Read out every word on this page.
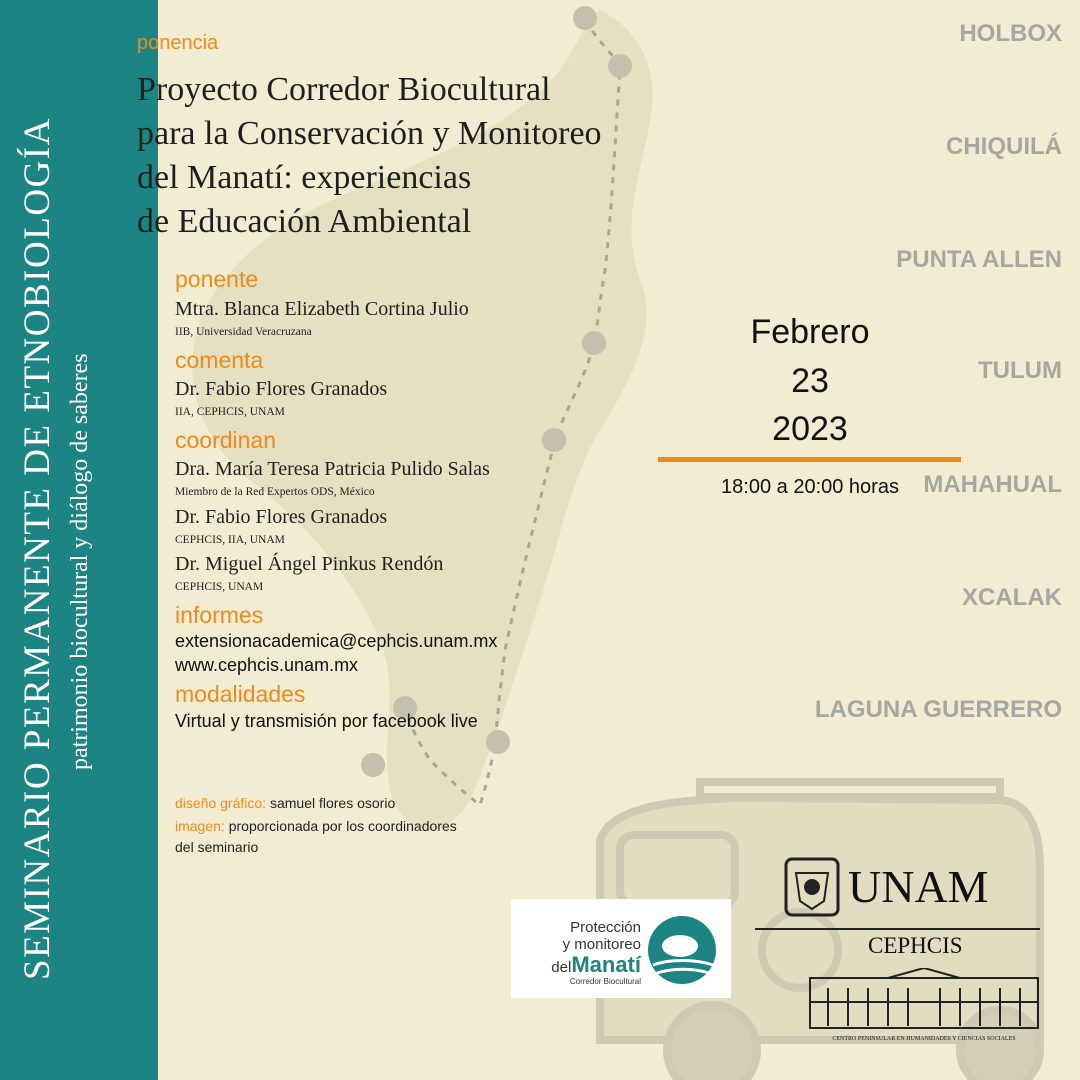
SEMINARIO PERMANENTE DE ETNOBIOLOGÍA patrimonio biocultural y diálogo de saberes
ponencia
Proyecto Corredor Biocultural
para la Conservación y Monitoreo
del Manatí: experiencias
de Educación Ambiental
ponente
Mtra. Blanca Elizabeth Cortina Julio
IIB, Universidad Veracruzana
comenta
Dr. Fabio Flores Granados
IIA, CEPHCIS, UNAM
coordinan
Dra. María Teresa Patricia Pulido Salas
Miembro de la Red Expertos ODS, México
Dr. Fabio Flores Granados
CEPHCIS, IIA, UNAM
Dr. Miguel Ángel Pinkus Rendón
CEPHCIS, UNAM
informes
extensionacademica@cephcis.unam.mx
www.cephcis.unam.mx
modalidades
Virtual y transmisión por facebook live
diseño gráfico: samuel flores osorio
imagen: proporcionada por los coordinadores
del seminario
HOLBOX
CHIQUILÁ
PUNTA ALLEN
TULUM
MAHAHUAL
XCALAK
LAGUNA GUERRERO
Febrero
23
2023
18:00 a 20:00 horas
Protección
y monitoreo
delManatí
Corredor Biocultural
UNAM
CEPHCIS
CENTRO PENINSULAR EN HUMANIDADES Y CIENCIAS SOCIALES
